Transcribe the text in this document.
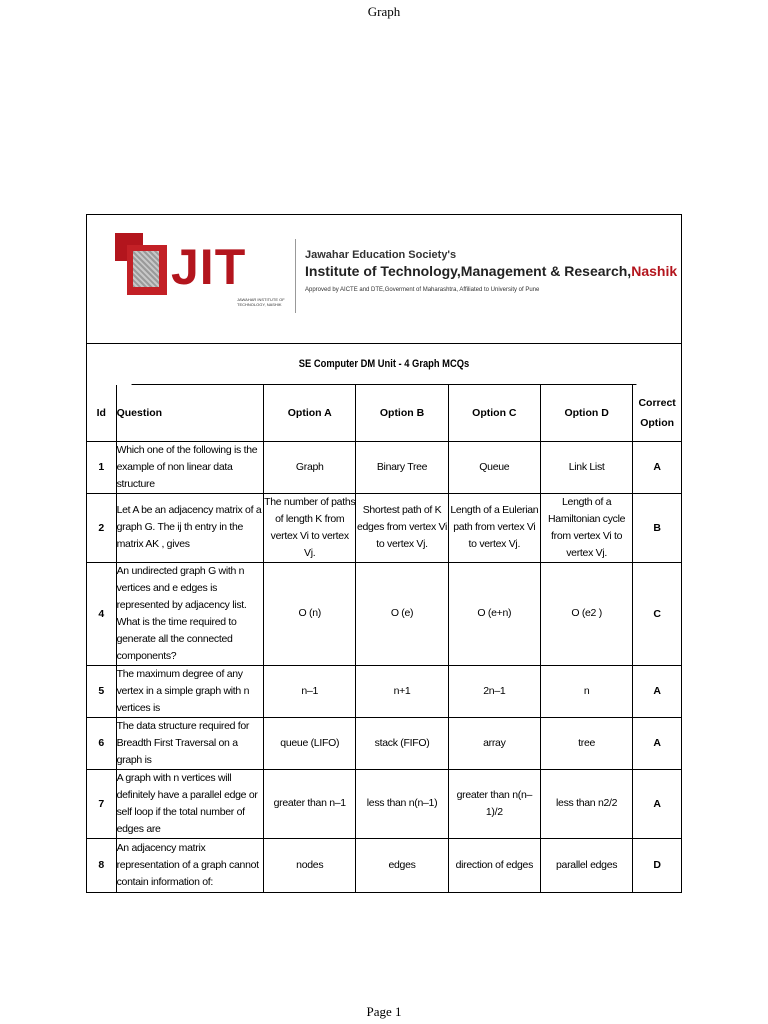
Graph
JIT
JAWAHAR INSTITUTE OF TECHNOLOGY, NASHIK
Jawahar Education Society's
Institute of Technology,Management & Research,Nashik
Approved by AICTE and DTE,Goverment of Maharashtra, Affiliated to University of Pune
SE Computer DM Unit - 4 Graph MCQs
Id	Question	Option A	Option B	Option C	Option D	Correct
Option
1	Which one of the following is the example of non linear data structure	Graph	Binary Tree	Queue	Link List	A
2	Let A be an adjacency matrix of a graph G. The ij th entry in the matrix AK , gives	The number of paths of length K from vertex Vi to vertex Vj.	Shortest path of K edges from vertex Vi to vertex Vj.	Length of a Eulerian path from vertex Vi to vertex Vj.	Length of a Hamiltonian cycle from vertex Vi to vertex Vj.	B
4	An undirected graph G with n vertices and e edges is represented by adjacency list. What is the time required to generate all the connected components?	O (n)	O (e)	O (e+n)	O (e2 )	C
5	The maximum degree of any vertex in a simple graph with n vertices is	n–1	n+1	2n–1	n	A
6	The data structure required for Breadth First Traversal on a graph is	queue (LIFO)	stack (FIFO)	array	tree	A
7	A graph with n vertices will definitely have a parallel edge or self loop if the total number of edges are	greater than n–1	less than n(n–1)	greater than n(n–1)/2	less than n2/2	A
8	An adjacency matrix representation of a graph cannot contain information of:	nodes	edges	direction of edges	parallel edges	D
Page 1
